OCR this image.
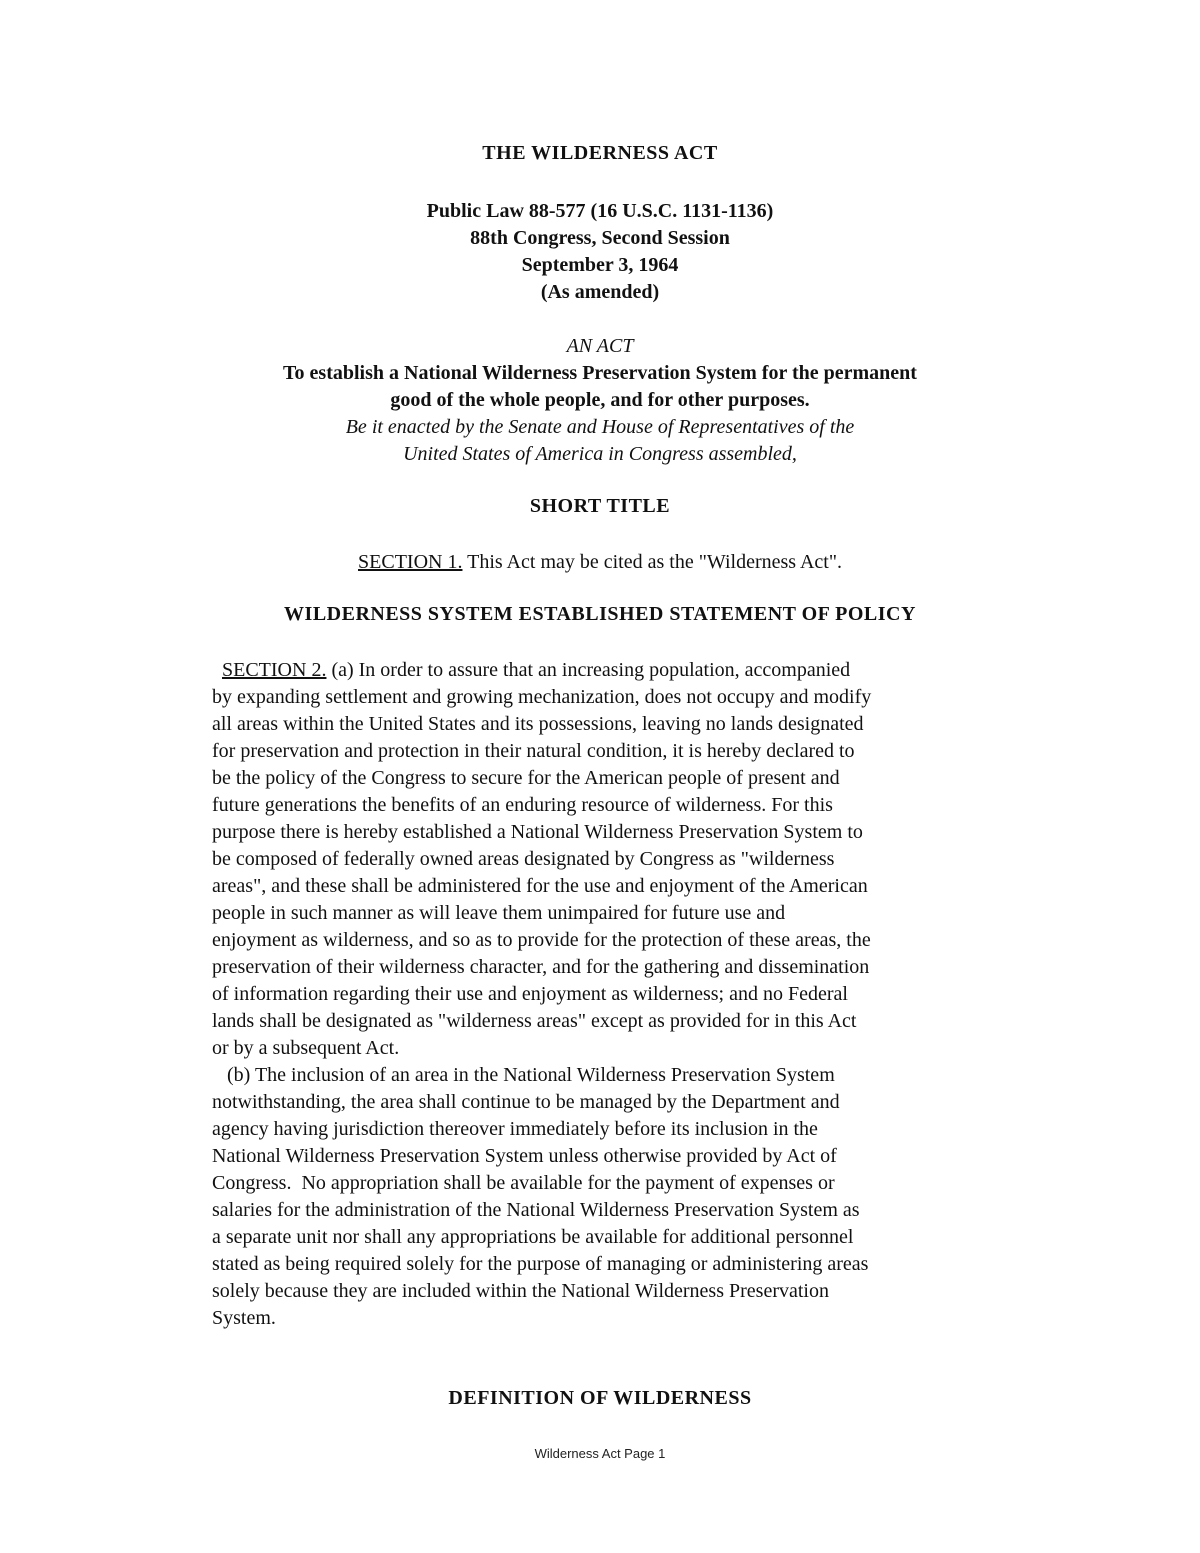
THE WILDERNESS ACT
Public Law 88-577 (16 U.S.C. 1131-1136)
88th Congress, Second Session
September 3, 1964
(As amended)
AN ACT
To establish a National Wilderness Preservation System for the permanent
good of the whole people, and for other purposes.
Be it enacted by the Senate and House of Representatives of the
United States of America in Congress assembled,
SHORT TITLE
SECTION 1. This Act may be cited as the "Wilderness Act".
WILDERNESS SYSTEM ESTABLISHED STATEMENT OF POLICY
SECTION 2. (a) In order to assure that an increasing population, accompanied
by expanding settlement and growing mechanization, does not occupy and modify
all areas within the United States and its possessions, leaving no lands designated
for preservation and protection in their natural condition, it is hereby declared to
be the policy of the Congress to secure for the American people of present and
future generations the benefits of an enduring resource of wilderness. For this
purpose there is hereby established a National Wilderness Preservation System to
be composed of federally owned areas designated by Congress as "wilderness
areas", and these shall be administered for the use and enjoyment of the American
people in such manner as will leave them unimpaired for future use and
enjoyment as wilderness, and so as to provide for the protection of these areas, the
preservation of their wilderness character, and for the gathering and dissemination
of information regarding their use and enjoyment as wilderness; and no Federal
lands shall be designated as "wilderness areas" except as provided for in this Act
or by a subsequent Act.
(b) The inclusion of an area in the National Wilderness Preservation System
notwithstanding, the area shall continue to be managed by the Department and
agency having jurisdiction thereover immediately before its inclusion in the
National Wilderness Preservation System unless otherwise provided by Act of
Congress.  No appropriation shall be available for the payment of expenses or
salaries for the administration of the National Wilderness Preservation System as
a separate unit nor shall any appropriations be available for additional personnel
stated as being required solely for the purpose of managing or administering areas
solely because they are included within the National Wilderness Preservation
System.
DEFINITION OF WILDERNESS
Wilderness Act Page 1
